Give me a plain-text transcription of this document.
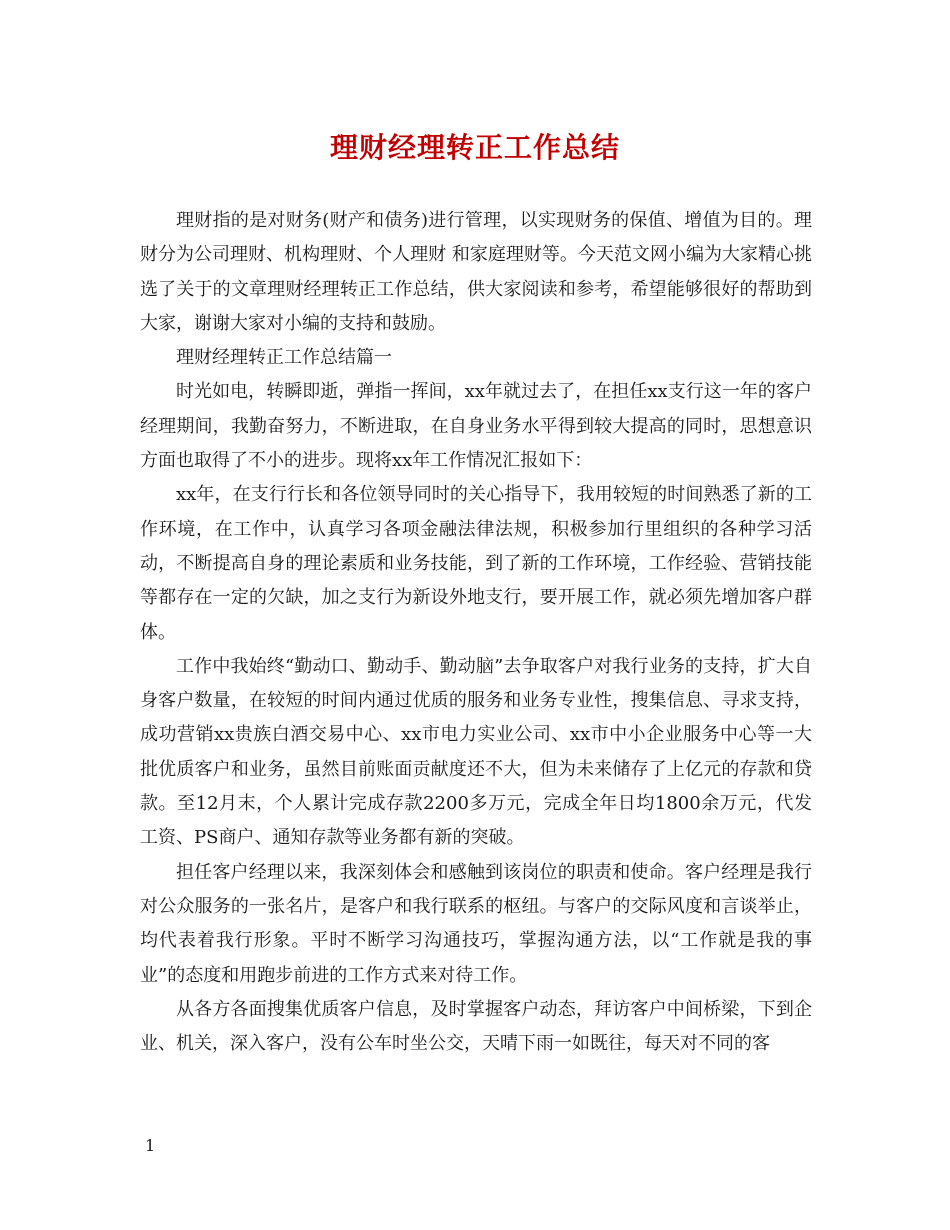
理财经理转正工作总结

理财指的是对财务(财产和债务)进行管理，以实现财务的保值、增值为目的。理财分为公司理财、机构理财、个人理财 和家庭理财等。今天范文网小编为大家精心挑选了关于的文章理财经理转正工作总结，供大家阅读和参考，希望能够很好的帮助到大家，谢谢大家对小编的支持和鼓励。

理财经理转正工作总结篇一

时光如电，转瞬即逝，弹指一挥间，xx年就过去了，在担任xx支行这一年的客户经理期间，我勤奋努力，不断进取，在自身业务水平得到较大提高的同时，思想意识方面也取得了不小的进步。现将xx年工作情况汇报如下：

xx年，在支行行长和各位领导同时的关心指导下，我用较短的时间熟悉了新的工作环境，在工作中，认真学习各项金融法律法规，积极参加行里组织的各种学习活动，不断提高自身的理论素质和业务技能，到了新的工作环境，工作经验、营销技能等都存在一定的欠缺，加之支行为新设外地支行，要开展工作，就必须先增加客户群体。

工作中我始终“勤动口、勤动手、勤动脑”去争取客户对我行业务的支持，扩大自身客户数量，在较短的时间内通过优质的服务和业务专业性，搜集信息、寻求支持，成功营销xx贵族白酒交易中心、xx市电力实业公司、xx市中小企业服务中心等一大批优质客户和业务，虽然目前账面贡献度还不大，但为未来储存了上亿元的存款和贷款。至12月末，个人累计完成存款2200多万元，完成全年日均1800余万元，代发工资、PS商户、通知存款等业务都有新的突破。

担任客户经理以来，我深刻体会和感触到该岗位的职责和使命。客户经理是我行对公众服务的一张名片，是客户和我行联系的枢纽。与客户的交际风度和言谈举止，均代表着我行形象。平时不断学习沟通技巧，掌握沟通方法，以“工作就是我的事业”的态度和用跑步前进的工作方式来对待工作。

从各方各面搜集优质客户信息，及时掌握客户动态，拜访客户中间桥梁，下到企业、机关，深入客户，没有公车时坐公交，天晴下雨一如既往，每天对不同的客

1
